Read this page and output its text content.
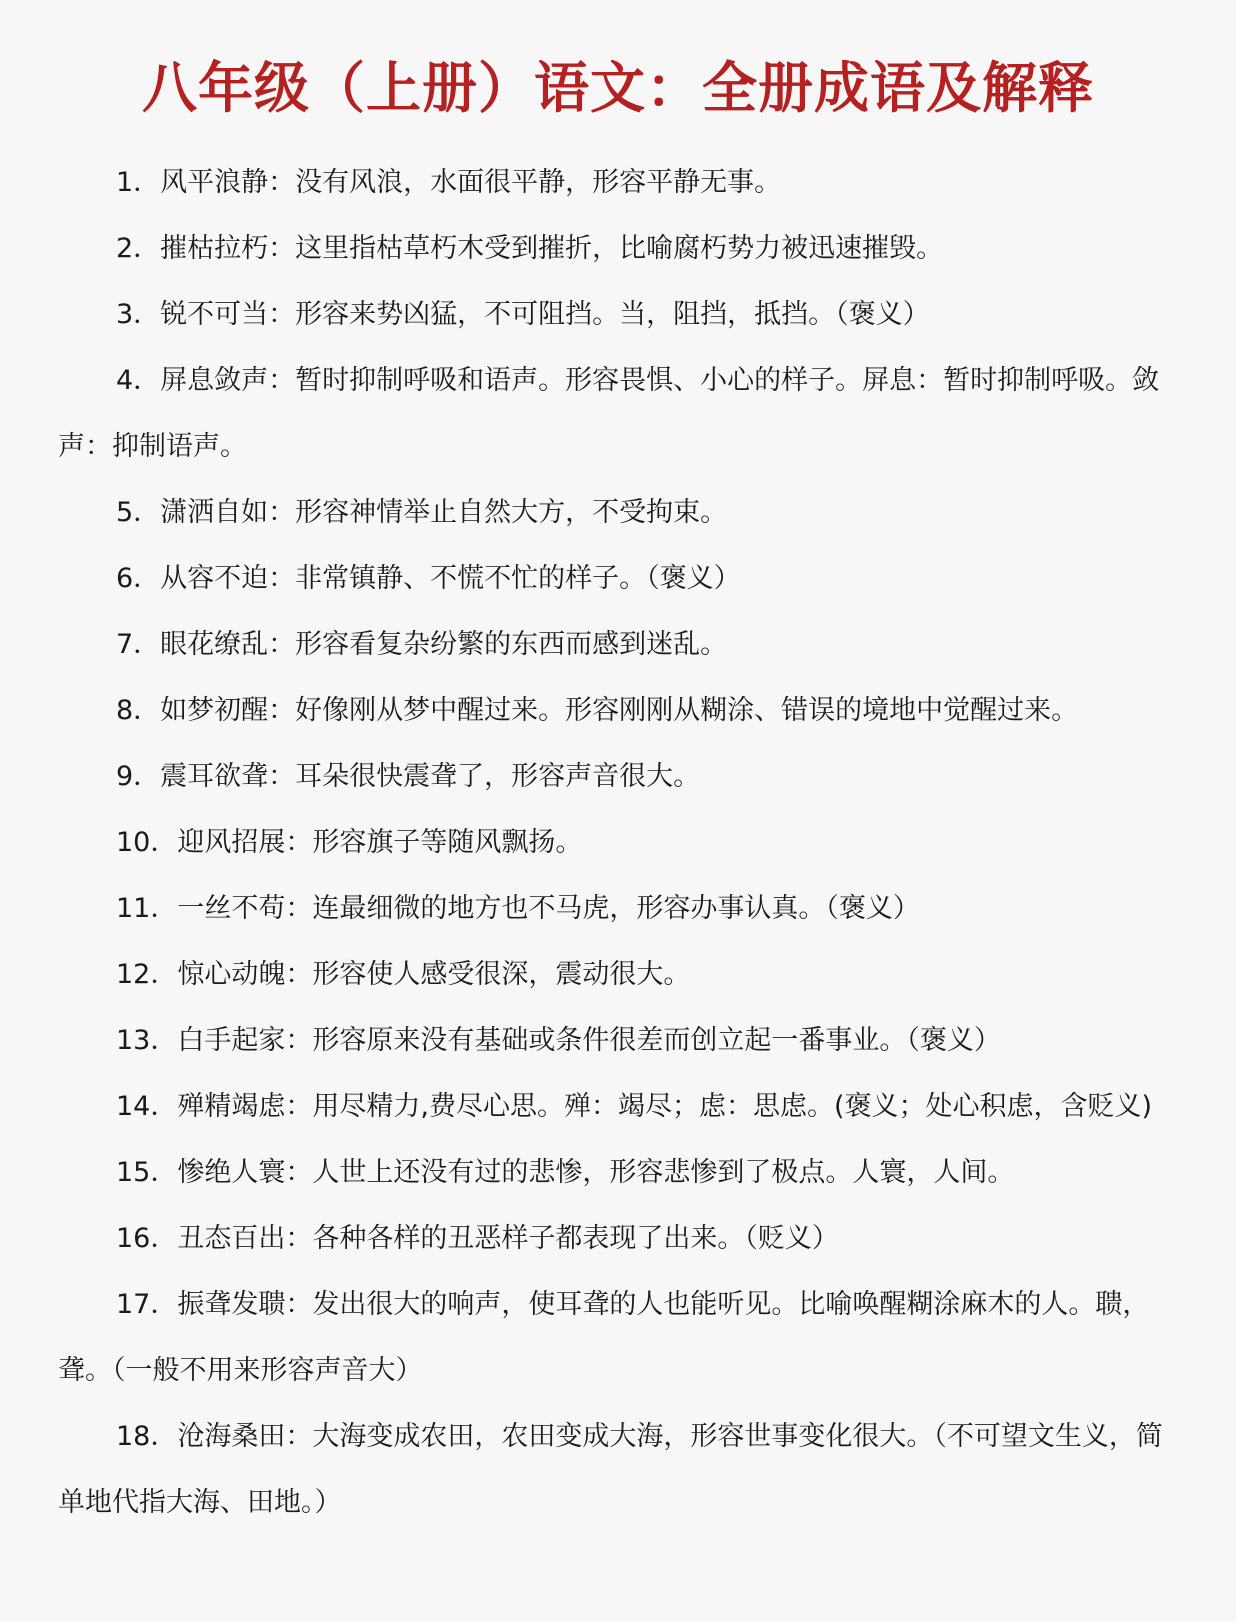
八年级（上册）语文：全册成语及解释
1．风平浪静：没有风浪，水面很平静，形容平静无事。
2．摧枯拉朽：这里指枯草朽木受到摧折，比喻腐朽势力被迅速摧毁。
3．锐不可当：形容来势凶猛，不可阻挡。当，阻挡，抵挡。（褒义）
4．屏息敛声：暂时抑制呼吸和语声。形容畏惧、小心的样子。屏息：暂时抑制呼吸。敛声：抑制语声。
5．潇洒自如：形容神情举止自然大方，不受拘束。
6．从容不迫：非常镇静、不慌不忙的样子。（褒义）
7．眼花缭乱：形容看复杂纷繁的东西而感到迷乱。
8．如梦初醒：好像刚从梦中醒过来。形容刚刚从糊涂、错误的境地中觉醒过来。
9．震耳欲聋：耳朵很快震聋了，形容声音很大。
10．迎风招展：形容旗子等随风飘扬。
11．一丝不苟：连最细微的地方也不马虎，形容办事认真。（褒义）
12．惊心动魄：形容使人感受很深，震动很大。
13．白手起家：形容原来没有基础或条件很差而创立起一番事业。（褒义）
14．殚精竭虑：用尽精力,费尽心思。殚：竭尽；虑：思虑。(褒义；处心积虑，含贬义)
15．惨绝人寰：人世上还没有过的悲惨，形容悲惨到了极点。人寰，人间。
16．丑态百出：各种各样的丑恶样子都表现了出来。（贬义）
17．振聋发聩：发出很大的响声，使耳聋的人也能听见。比喻唤醒糊涂麻木的人。聩，聋。（一般不用来形容声音大）
18．沧海桑田：大海变成农田，农田变成大海，形容世事变化很大。（不可望文生义，简单地代指大海、田地。）
